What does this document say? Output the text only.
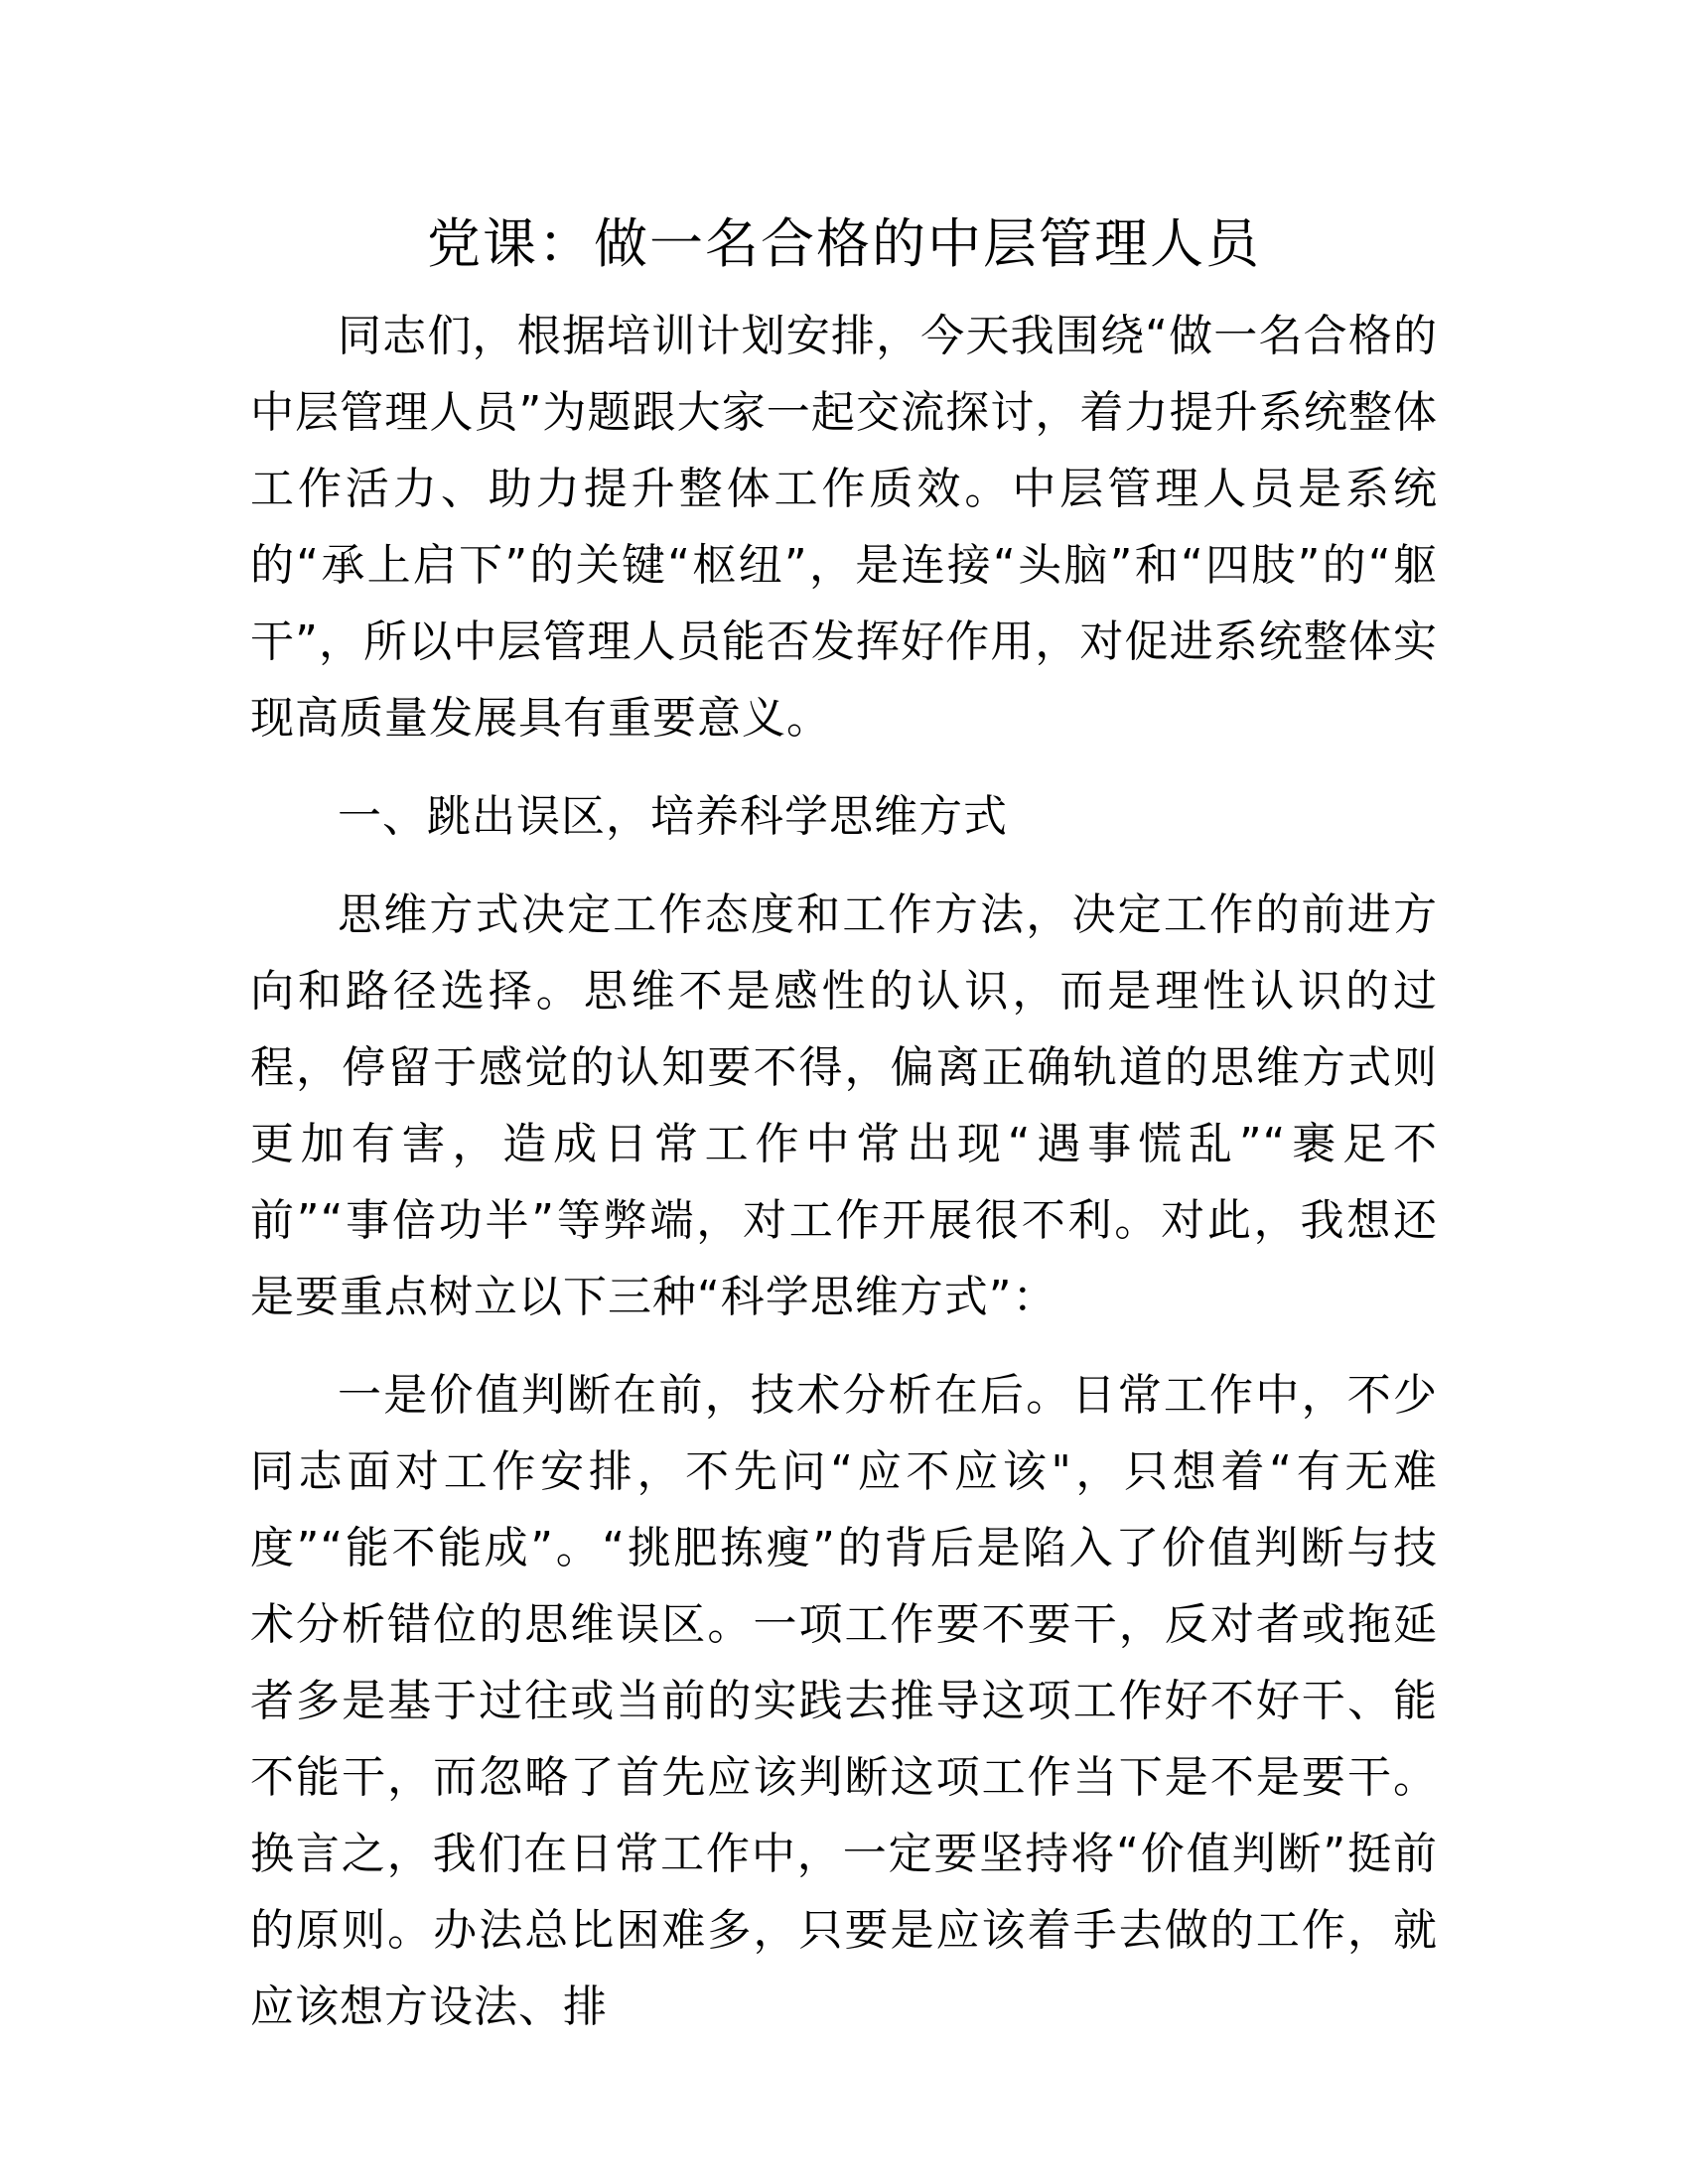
党课：做一名合格的中层管理人员

同志们，根据培训计划安排，今天我围绕“做一名合格的中层管理人员”为题跟大家一起交流探讨，着力提升系统整体工作活力、助力提升整体工作质效。中层管理人员是系统的“承上启下”的关键“枢纽”，是连接“头脑”和“四肢”的“躯干”，所以中层管理人员能否发挥好作用，对促进系统整体实现高质量发展具有重要意义。

一、跳出误区，培养科学思维方式

思维方式决定工作态度和工作方法，决定工作的前进方向和路径选择。思维不是感性的认识，而是理性认识的过程，停留于感觉的认知要不得，偏离正确轨道的思维方式则更加有害，造成日常工作中常出现“遇事慌乱”“裹足不前”“事倍功半”等弊端，对工作开展很不利。对此，我想还是要重点树立以下三种“科学思维方式”：

一是价值判断在前，技术分析在后。日常工作中，不少同志面对工作安排，不先问“应不应该"，只想着“有无难度”“能不能成”。“挑肥拣瘦”的背后是陷入了价值判断与技术分析错位的思维误区。一项工作要不要干，反对者或拖延者多是基于过往或当前的实践去推导这项工作好不好干、能不能干，而忽略了首先应该判断这项工作当下是不是要干。换言之，我们在日常工作中，一定要坚持将“价值判断”挺前的原则。办法总比困难多，只要是应该着手去做的工作，就应该想方设法、排
